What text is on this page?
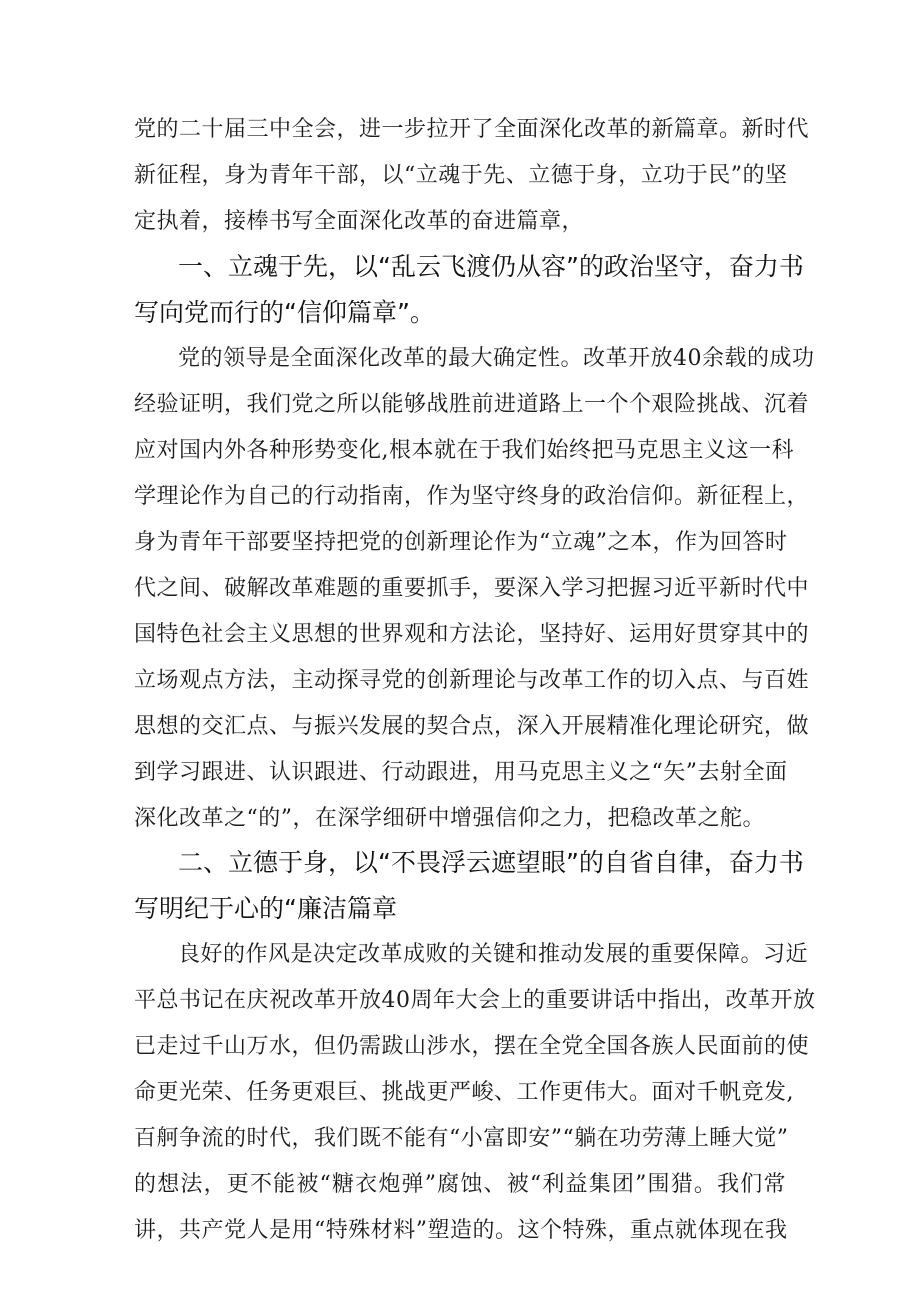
党的二十届三中全会，进一步拉开了全面深化改革的新篇章。新时代
新征程，身为青年干部，以“立魂于先、立德于身，立功于民”的坚
定执着，接棒书写全面深化改革的奋进篇章，
一、立魂于先，以“乱云飞渡仍从容”的政治坚守，奋力书
写向党而行的“信仰篇章”。
党的领导是全面深化改革的最大确定性。改革开放40余载的成功
经验证明，我们党之所以能够战胜前进道路上一个个艰险挑战、沉着
应对国内外各种形势变化,根本就在于我们始终把马克思主义这一科
学理论作为自己的行动指南，作为坚守终身的政治信仰。新征程上，
身为青年干部要坚持把党的创新理论作为“立魂”之本，作为回答时
代之间、破解改革难题的重要抓手，要深入学习把握习近平新时代中
国特色社会主义思想的世界观和方法论，坚持好、运用好贯穿其中的
立场观点方法，主动探寻党的创新理论与改革工作的切入点、与百姓
思想的交汇点、与振兴发展的契合点，深入开展精准化理论研究，做
到学习跟进、认识跟进、行动跟进，用马克思主义之“矢”去射全面
深化改革之“的”，在深学细研中增强信仰之力，把稳改革之舵。
二、立德于身，以“不畏浮云遮望眼”的自省自律，奋力书
写明纪于心的“廉洁篇章
良好的作风是决定改革成败的关键和推动发展的重要保障。习近
平总书记在庆祝改革开放40周年大会上的重要讲话中指出，改革开放
已走过千山万水，但仍需跋山涉水，摆在全党全国各族人民面前的使
命更光荣、任务更艰巨、挑战更严峻、工作更伟大。面对千帆竞发,
百舸争流的时代，我们既不能有“小富即安”“躺在功劳薄上睡大觉”
的想法，更不能被“糖衣炮弹”腐蚀、被“利益集团”围猎。我们常
讲，共产党人是用“特殊材料”塑造的。这个特殊，重点就体现在我
